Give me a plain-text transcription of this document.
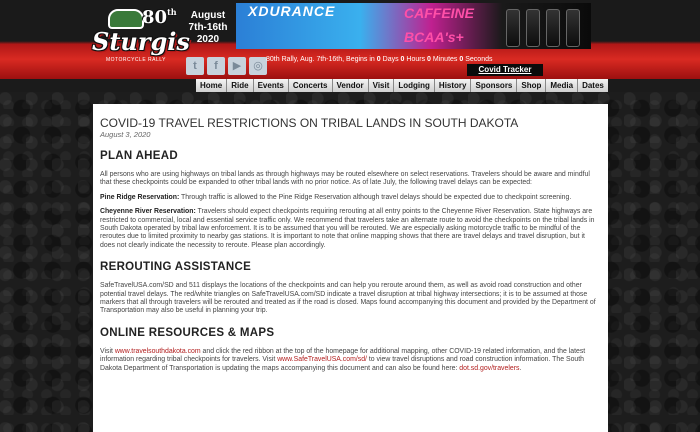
80th
Sturgis
MOTORCYCLE RALLY
August
7th-16th
2020
XDURANCE	CAFFEINE
BCAA's+
t	f	▶	◎
80th Rally, Aug. 7th-16th, Begins in 0 Days 0 Hours 0 Minutes 0 Seconds
Covid Tracker
Home	Ride	Events	Concerts	Vendor	Visit	Lodging	History	Sponsors	Shop	Media	Dates
COVID-19 TRAVEL RESTRICTIONS ON TRIBAL LANDS IN SOUTH DAKOTA
August 3, 2020
PLAN AHEAD

All persons who are using highways on tribal lands as through highways may be routed elsewhere on select reservations. Travelers should be aware and mindful that these checkpoints could be expanded to other tribal lands with no prior notice. As of late July, the following travel delays can be expected:

Pine Ridge Reservation: Through traffic is allowed to the Pine Ridge Reservation although travel delays should be expected due to checkpoint screening.

Cheyenne River Reservation: Travelers should expect checkpoints requiring rerouting at all entry points to the Cheyenne River Reservation. State highways are restricted to commercial, local and essential service traffic only. We recommend that travelers take an alternate route to avoid the checkpoints on the tribal lands in South Dakota operated by tribal law enforcement. It is to be assumed that you will be rerouted. We are especially asking motorcycle traffic to be mindful of the reroutes due to limited proximity to nearby gas stations. It is important to note that online mapping shows that there are travel delays and travel disruption, but it does not clearly indicate the necessity to reroute. Please plan accordingly.

REROUTING ASSISTANCE

SafeTravelUSA.com/SD and 511 displays the locations of the checkpoints and can help you reroute around them, as well as avoid road construction and other potential travel delays. The red/white triangles on SafeTravelUSA.com/SD indicate a travel disruption at tribal highway intersections; it is to be assumed at those markers that all through travelers will be rerouted and treated as if the road is closed. Maps found accompanying this document and provided by the Department of Transportation may also be useful in planning your trip.

ONLINE RESOURCES & MAPS

Visit www.travelsouthdakota.com and click the red ribbon at the top of the homepage for additional mapping, other COVID-19 related information, and the latest information regarding tribal checkpoints for travelers. Visit www.SafeTravelUSA.com/sd/ to view travel disruptions and road construction information. The South Dakota Department of Transportation is updating the maps accompanying this document and can also be found here: dot.sd.gov/travelers.
